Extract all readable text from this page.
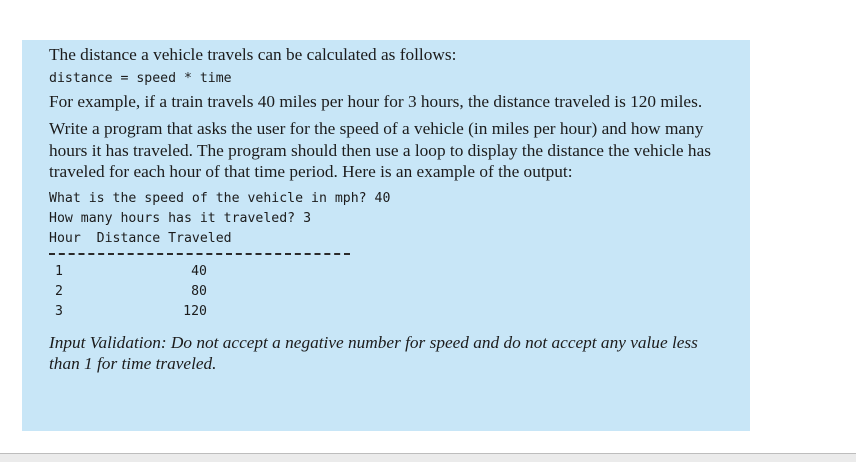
The distance a vehicle travels can be calculated as follows:
distance = speed * time
For example, if a train travels 40 miles per hour for 3 hours, the distance traveled is 120 miles.
Write a program that asks the user for the speed of a vehicle (in miles per hour) and how many hours it has traveled. The program should then use a loop to display the distance the vehicle has traveled for each hour of that time period. Here is an example of the output:
What is the speed of the vehicle in mph? 40
How many hours has it traveled? 3
Hour  Distance Traveled
1	40
2	80
3	120
Input Validation: Do not accept a negative number for speed and do not accept any value less than 1 for time traveled.
